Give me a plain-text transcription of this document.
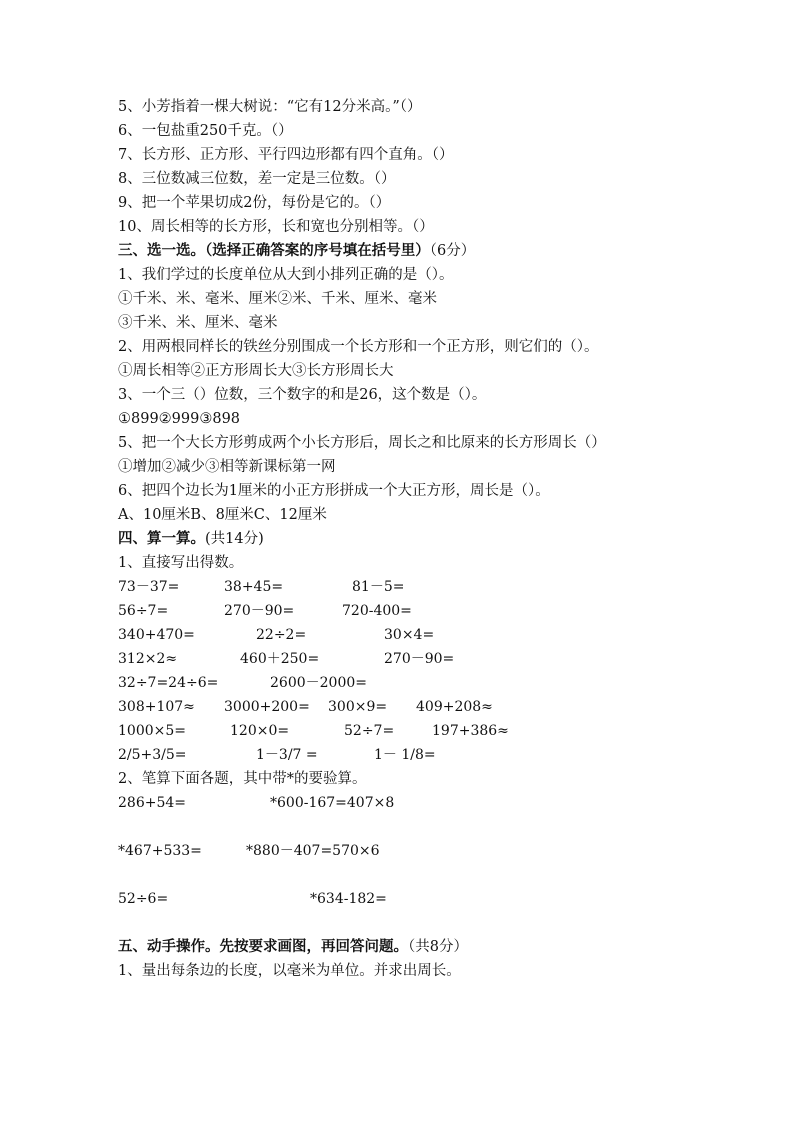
5、小芳指着一棵大树说：“它有12分米高。”（）
6、一包盐重250千克。（）
7、长方形、正方形、平行四边形都有四个直角。（）
8、三位数减三位数，差一定是三位数。（）
9、把一个苹果切成2份，每份是它的。（）
10、周长相等的长方形，长和宽也分别相等。（）
三、选一选。（选择正确答案的序号填在括号里）（6分）
1、我们学过的长度单位从大到小排列正确的是（）。
①千米、米、毫米、厘米②米、千米、厘米、毫米
③千米、米、厘米、毫米
2、用两根同样长的铁丝分别围成一个长方形和一个正方形，则它们的（）。
①周长相等②正方形周长大③长方形周长大
3、一个三（）位数，三个数字的和是26，这个数是（）。
①899②999③898
5、把一个大长方形剪成两个小长方形后，周长之和比原来的长方形周长（）
①增加②减少③相等新课标第一网
6、把四个边长为1厘米的小正方形拼成一个大正方形，周长是（）。
A、10厘米B、8厘米C、12厘米
四、算一算。(共14分)
1、直接写出得数。
73－37=	38+45=	81－5=
56÷7=	270－90=	720-400=
340+470=	22÷2=	30×4=
312×2≈	460＋250=	270－90=
32÷7=24÷6=	2600－2000=
308+107≈ 3000+200= 300×9= 409+208≈
1000×5=	120×0=	52÷7=	197+386≈
2/5+3/5=	1－3/7 =	1－ 1/8=
2、笔算下面各题，其中带*的要验算。
286+54=	*600-167=407×8
*467+533=	*880－407=570×6
52÷6=	*634-182=
五、动手操作。先按要求画图，再回答问题。（共8分）
1、量出每条边的长度，以毫米为单位。并求出周长。
